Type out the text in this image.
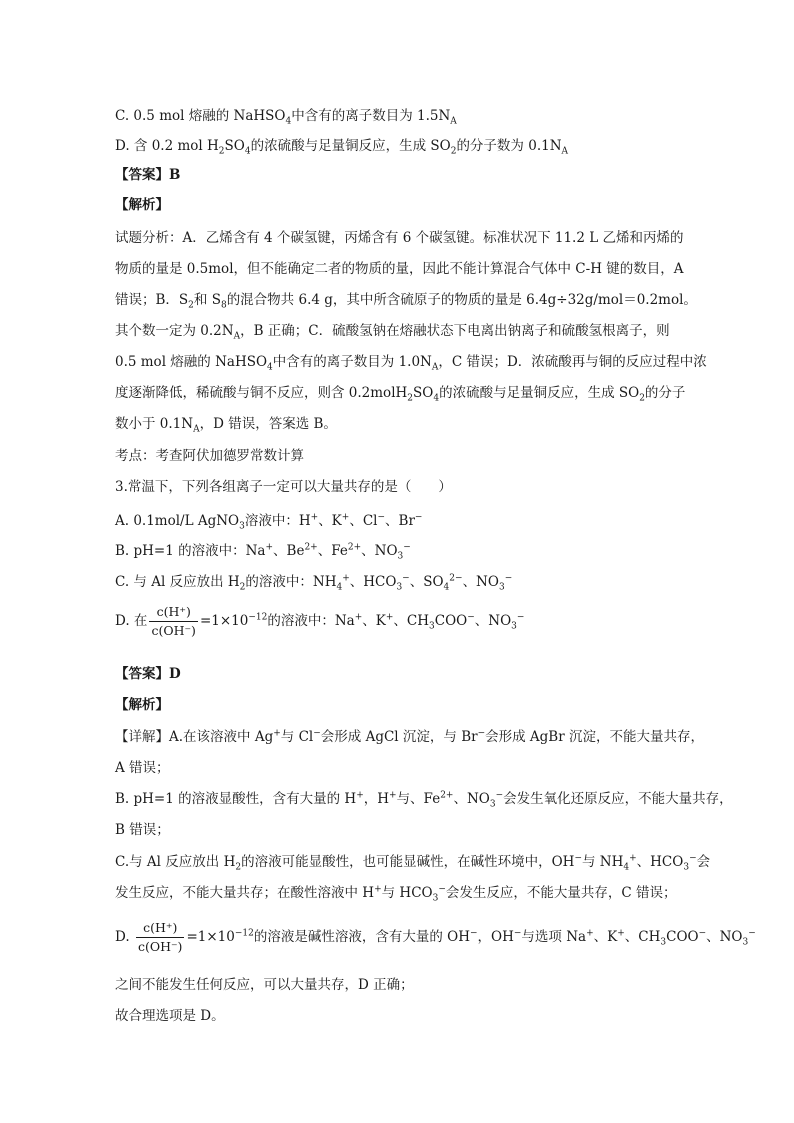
C. 0.5 mol 熔融的 NaHSO$_4$中含有的离子数目为 $1.5N_A$
D. 含 0.2 mol $H_2SO_4$的浓硫酸与足量铜反应，生成 $SO_2$的分子数为 $0.1N_A$
【答案】B
【解析】
试题分析：A．乙烯含有 4 个碳氢键，丙烯含有 6 个碳氢键。标准状况下 11.2 L 乙烯和丙烯的
物质的量是 0.5mol，但不能确定二者的物质的量，因此不能计算混合气体中 C-H 键的数目，A
错误；B．$S_2$和 $S_8$的混合物共 6.4 g，其中所含硫原子的物质的量是 6.4g÷32g/mol＝0.2mol。
其个数一定为 $0.2N_A$，B 正确；C．硫酸氢钠在熔融状态下电离出钠离子和硫酸氢根离子，则
0.5 mol 熔融的 NaHSO$_4$中含有的离子数目为 $1.0N_A$，C 错误；D．浓硫酸再与铜的反应过程中浓
度逐渐降低，稀硫酸与铜不反应，则含 $0.2molH_2SO_4$的浓硫酸与足量铜反应，生成 $SO_2$的分子
数小于 $0.1N_A$，D 错误，答案选 B。
考点：考查阿伏加德罗常数计算
3.常温下，下列各组离子一定可以大量共存的是（　　）
A. 0.1mol/L AgNO$_3$溶液中：H+、K+、Cl−、Br−
B. pH=1 的溶液中：Na+、$Be^{2+}$、$Fe^{2+}$、$NO_3^-$
C. 与 Al 反应放出 $H_2$的溶液中：$NH_4^+$、$HCO_3^-$、$SO_4^{2-}$、$NO_3^-$
D. 在 $\frac{c(H^+)}{c(OH^-)} =1\times 10^{-12}$的溶液中：Na+、K+、$CH_3COO^-$、$NO_3^-$
【答案】D
【解析】
【详解】A.在该溶液中 Ag+与 Cl−会形成 AgCl 沉淀，与 Br−会形成 AgBr 沉淀，不能大量共存，
A 错误；
B. pH=1 的溶液显酸性，含有大量的 H+，H+与、$Fe^{2+}$、$NO_3^-$会发生氧化还原反应，不能大量共存，
B 错误；
C.与 Al 反应放出 $H_2$的溶液可能显酸性，也可能显碱性，在碱性环境中，OH−与 $NH_4^+$、$HCO_3^-$会
发生反应，不能大量共存；在酸性溶液中 H+与 $HCO_3^-$会发生反应，不能大量共存，C 错误；
D. $\frac{c(H^+)}{c(OH^-)} =1\times 10^{-12}$的溶液是碱性溶液，含有大量的 OH−，OH−与选项 Na+、K+、$CH_3COO^-$、$NO_3^-$
之间不能发生任何反应，可以大量共存，D 正确；
故合理选项是 D。
